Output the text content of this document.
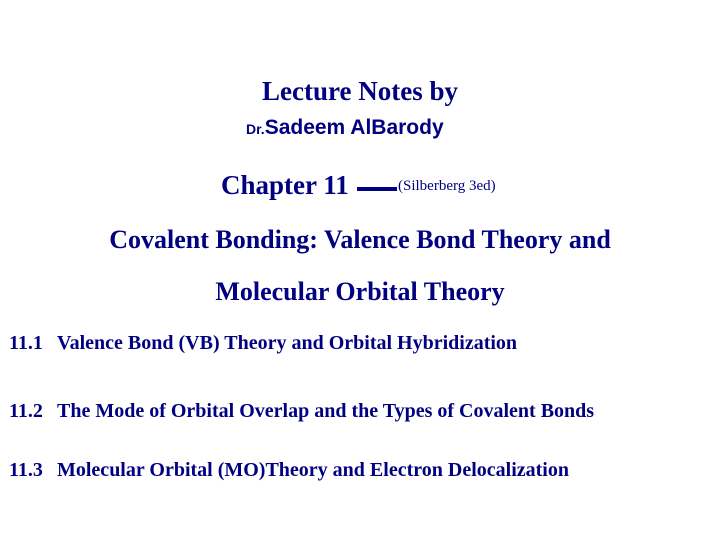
Lecture Notes by
Dr.Sadeem AlBarody
Chapter 11	(Silberberg 3ed)
Covalent Bonding: Valence Bond Theory and
Molecular Orbital Theory
11.1 Valence Bond (VB) Theory and Orbital Hybridization
11.2 The Mode of Orbital Overlap and the Types of Covalent Bonds
11.3 Molecular Orbital (MO)Theory and Electron Delocalization
